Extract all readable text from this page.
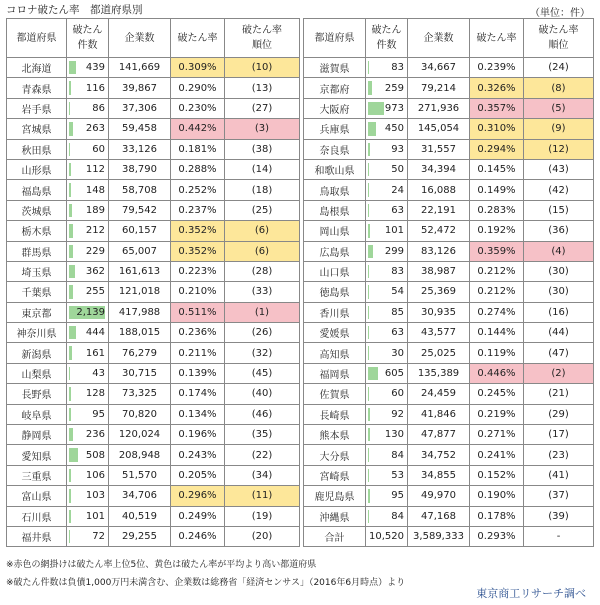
コロナ破たん率　都道府県別	（単位：件）
都道府県	破たん
件数	企業数	破たん率	破たん率
順位
北海道	439	141,669	0.309%	(10)
青森県	116	39,867	0.290%	(13)
岩手県	86	37,306	0.230%	(27)
宮城県	263	59,458	0.442%	(3)
秋田県	60	33,126	0.181%	(38)
山形県	112	38,790	0.288%	(14)
福島県	148	58,708	0.252%	(18)
茨城県	189	79,542	0.237%	(25)
栃木県	212	60,157	0.352%	(6)
群馬県	229	65,007	0.352%	(6)
埼玉県	362	161,613	0.223%	(28)
千葉県	255	121,018	0.210%	(33)
東京都	2,139	417,988	0.511%	(1)
神奈川県	444	188,015	0.236%	(26)
新潟県	161	76,279	0.211%	(32)
山梨県	43	30,715	0.139%	(45)
長野県	128	73,325	0.174%	(40)
岐阜県	95	70,820	0.134%	(46)
静岡県	236	120,024	0.196%	(35)
愛知県	508	208,948	0.243%	(22)
三重県	106	51,570	0.205%	(34)
富山県	103	34,706	0.296%	(11)
石川県	101	40,519	0.249%	(19)
福井県	72	29,255	0.246%	(20)
都道府県	破たん
件数	企業数	破たん率	破たん率
順位
滋賀県	83	34,667	0.239%	(24)
京都府	259	79,214	0.326%	(8)
大阪府	973	271,936	0.357%	(5)
兵庫県	450	145,054	0.310%	(9)
奈良県	93	31,557	0.294%	(12)
和歌山県	50	34,394	0.145%	(43)
鳥取県	24	16,088	0.149%	(42)
島根県	63	22,191	0.283%	(15)
岡山県	101	52,472	0.192%	(36)
広島県	299	83,126	0.359%	(4)
山口県	83	38,987	0.212%	(30)
徳島県	54	25,369	0.212%	(30)
香川県	85	30,935	0.274%	(16)
愛媛県	63	43,577	0.144%	(44)
高知県	30	25,025	0.119%	(47)
福岡県	605	135,389	0.446%	(2)
佐賀県	60	24,459	0.245%	(21)
長崎県	92	41,846	0.219%	(29)
熊本県	130	47,877	0.271%	(17)
大分県	84	34,752	0.241%	(23)
宮崎県	53	34,855	0.152%	(41)
鹿児島県	95	49,970	0.190%	(37)
沖縄県	84	47,168	0.178%	(39)
合計	10,520	3,589,333	0.293%	-
※赤色の網掛けは破たん率上位5位、黄色は破たん率が平均より高い都道府県
※破たん件数は負債1,000万円未満含む、企業数は総務省「経済センサス」（2016年6月時点）より
東京商工リサーチ調べ
